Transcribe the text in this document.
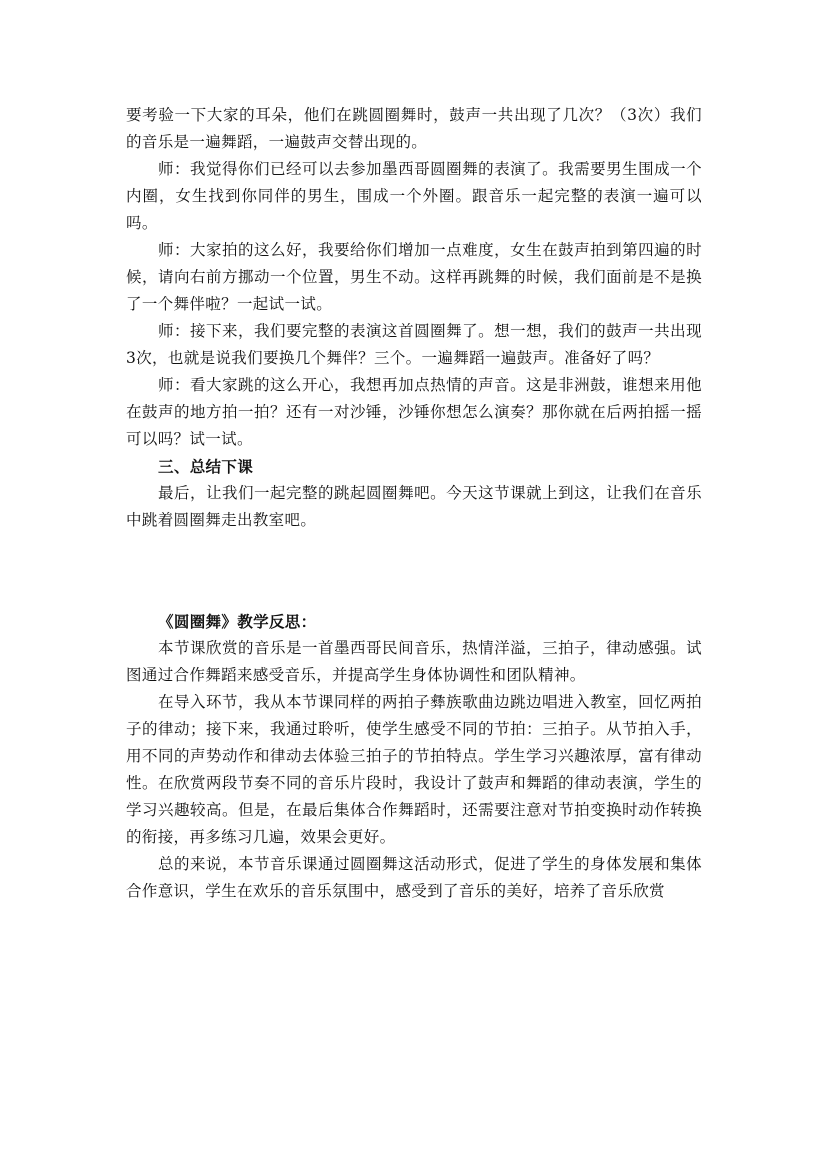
要考验一下大家的耳朵，他们在跳圆圈舞时，鼓声一共出现了几次？（3次）我们的音乐是一遍舞蹈，一遍鼓声交替出现的。

师：我觉得你们已经可以去参加墨西哥圆圈舞的表演了。我需要男生围成一个内圈，女生找到你同伴的男生，围成一个外圈。跟音乐一起完整的表演一遍可以吗。

师：大家拍的这么好，我要给你们增加一点难度，女生在鼓声拍到第四遍的时候，请向右前方挪动一个位置，男生不动。这样再跳舞的时候，我们面前是不是换了一个舞伴啦？一起试一试。

师：接下来，我们要完整的表演这首圆圈舞了。想一想，我们的鼓声一共出现3次，也就是说我们要换几个舞伴？三个。一遍舞蹈一遍鼓声。准备好了吗？

师：看大家跳的这么开心，我想再加点热情的声音。这是非洲鼓，谁想来用他在鼓声的地方拍一拍？还有一对沙锤，沙锤你想怎么演奏？那你就在后两拍摇一摇可以吗？试一试。

三、总结下课

最后，让我们一起完整的跳起圆圈舞吧。今天这节课就上到这，让我们在音乐中跳着圆圈舞走出教室吧。

《圆圈舞》教学反思：

本节课欣赏的音乐是一首墨西哥民间音乐，热情洋溢，三拍子，律动感强。试图通过合作舞蹈来感受音乐，并提高学生身体协调性和团队精神。

在导入环节，我从本节课同样的两拍子彝族歌曲边跳边唱进入教室，回忆两拍子的律动；接下来，我通过聆听，使学生感受不同的节拍：三拍子。从节拍入手，用不同的声势动作和律动去体验三拍子的节拍特点。学生学习兴趣浓厚，富有律动性。在欣赏两段节奏不同的音乐片段时，我设计了鼓声和舞蹈的律动表演，学生的学习兴趣较高。但是，在最后集体合作舞蹈时，还需要注意对节拍变换时动作转换的衔接，再多练习几遍，效果会更好。

总的来说，本节音乐课通过圆圈舞这活动形式，促进了学生的身体发展和集体合作意识，学生在欢乐的音乐氛围中，感受到了音乐的美好，培养了音乐欣赏
